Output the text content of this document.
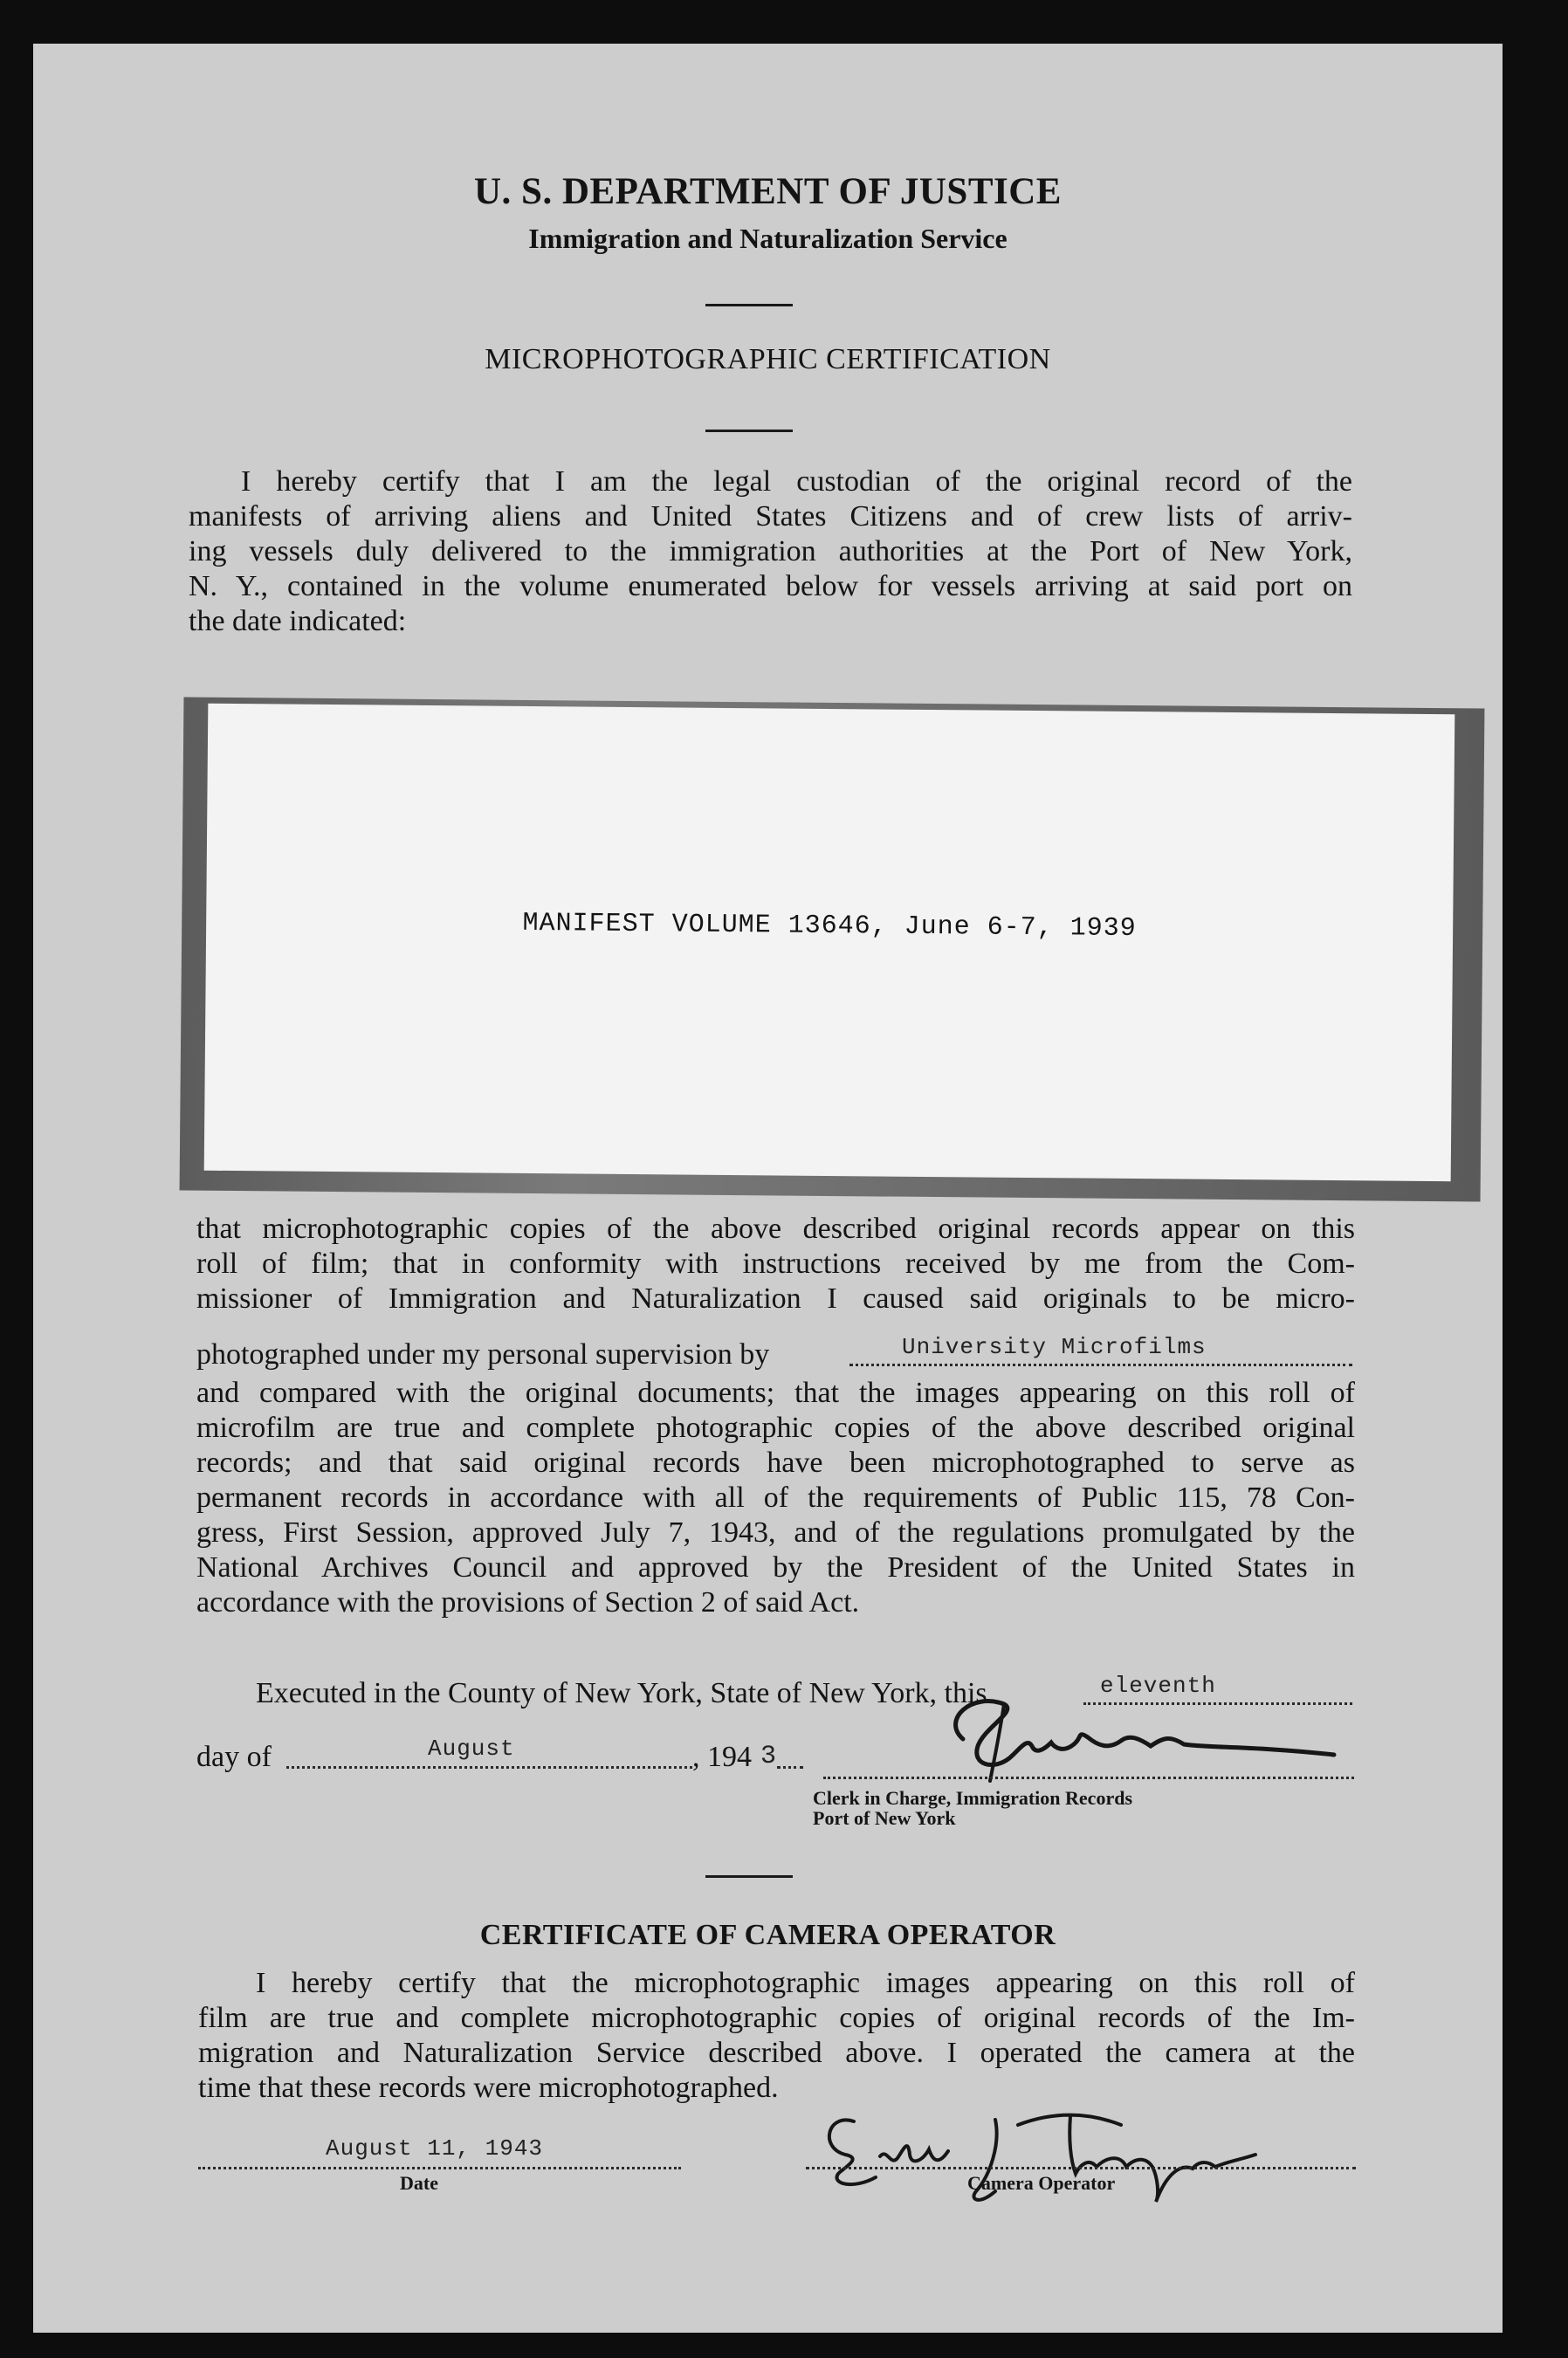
U. S. DEPARTMENT OF JUSTICE
Immigration and Naturalization Service
MICROPHOTOGRAPHIC CERTIFICATION
I hereby certify that I am the legal custodian of the original record of the
manifests of arriving aliens and United States Citizens and of crew lists of arriv-
ing vessels duly delivered to the immigration authorities at the Port of New York,
N. Y., contained in the volume enumerated below for vessels arriving at said port on
the date indicated:
MANIFEST VOLUME 13646, June 6-7, 1939
that microphotographic copies of the above described original records appear on this
roll of film; that in conformity with instructions received by me from the Com-
missioner of Immigration and Naturalization I caused said originals to be micro-
photographed under my personal supervision by	University Microfilms
and compared with the original documents; that the images appearing on this roll of
microfilm are true and complete photographic copies of the above described original
records; and that said original records have been microphotographed to serve as
permanent records in accordance with all of the requirements of Public 115, 78 Con-
gress, First Session, approved July 7, 1943, and of the regulations promulgated by the
National Archives Council and approved by the President of the United States in
accordance with the provisions of Section 2 of said Act.
Executed in the County of New York, State of New York, this	eleventh
day of	August	, 194 3
Clerk in Charge, Immigration Records
Port of New York
CERTIFICATE OF CAMERA OPERATOR
I hereby certify that the microphotographic images appearing on this roll of
film are true and complete microphotographic copies of original records of the Im-
migration and Naturalization Service described above. I operated the camera at the
time that these records were microphotographed.
August 11, 1943
Date	Camera Operator
